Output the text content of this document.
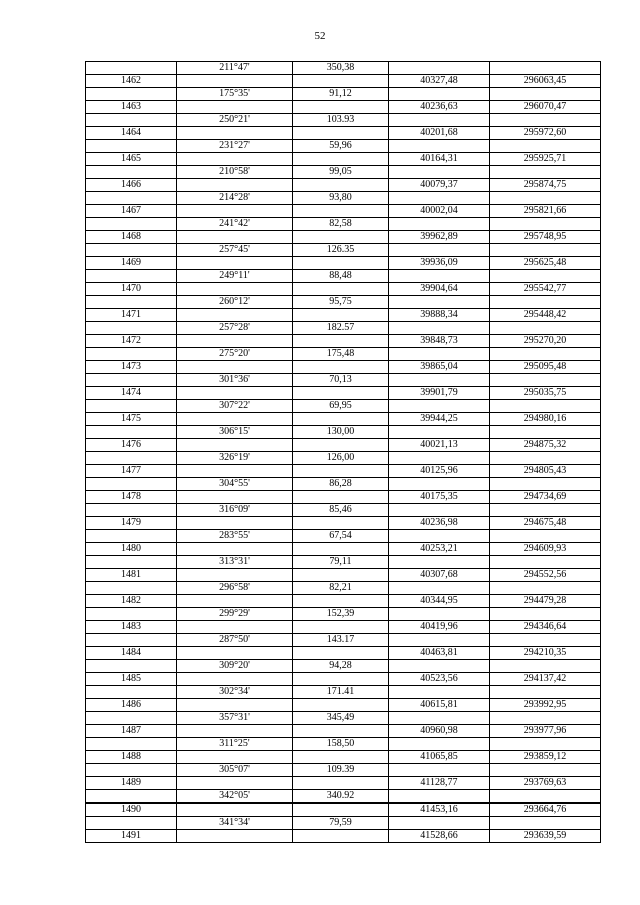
52
	211°47'	350,38		
1462			40327,48	296063,45
	175°35'	91,12		
1463			40236,63	296070,47
	250°21'	103.93		
1464			40201,68	295972,60
	231°27'	59,96		
1465			40164,31	295925,71
	210°58'	99,05		
1466			40079,37	295874,75
	214°28'	93,80		
1467			40002,04	295821,66
	241°42'	82,58		
1468			39962,89	295748,95
	257°45'	126.35		
1469			39936,09	295625,48
	249°11'	88,48		
1470			39904,64	295542,77
	260°12'	95,75		
1471			39888,34	295448,42
	257°28'	182.57		
1472			39848,73	295270,20
	275°20'	175,48		
1473			39865,04	295095,48
	301°36'	70,13		
1474			39901,79	295035,75
	307°22'	69,95		
1475			39944,25	294980,16
	306°15'	130,00		
1476			40021,13	294875,32
	326°19'	126,00		
1477			40125,96	294805,43
	304°55'	86,28		
1478			40175,35	294734,69
	316°09'	85,46		
1479			40236,98	294675,48
	283°55'	67,54		
1480			40253,21	294609,93
	313°31'	79,11		
1481			40307,68	294552,56
	296°58'	82,21		
1482			40344,95	294479,28
	299°29'	152,39		
1483			40419,96	294346,64
	287°50'	143.17		
1484			40463,81	294210,35
	309°20'	94,28		
1485			40523,56	294137,42
	302°34'	171.41		
1486			40615,81	293992,95
	357°31'	345,49		
1487			40960,98	293977,96
	311°25'	158,50		
1488			41065,85	293859,12
	305°07'	109.39		
1489			41128,77	293769,63
	342°05'	340.92		
1490			41453,16	293664,76
	341°34'	79,59		
1491			41528,66	293639,59
